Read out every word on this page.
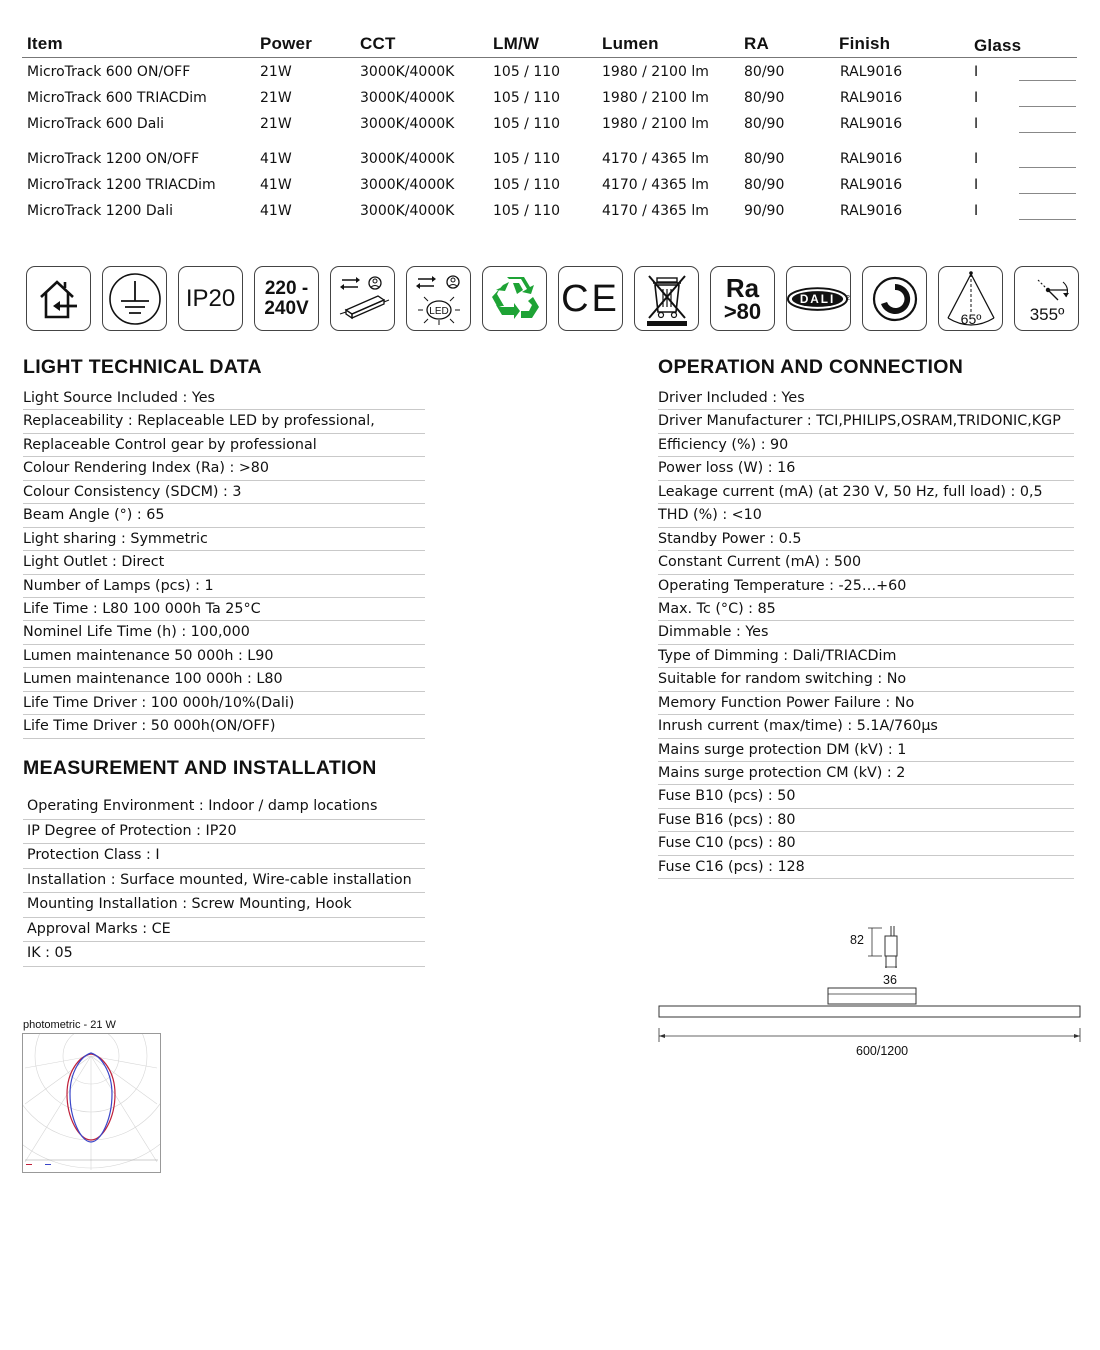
Item	Power	CCT	LM/W	Lumen	RA	Finish	Glass
MicroTrack 600 ON/OFF	21W	3000K/4000K	105 / 110	1980 / 2100 lm	80/90	RAL9016	I
MicroTrack 600 TRIACDim	21W	3000K/4000K	105 / 110	1980 / 2100 lm	80/90	RAL9016	I
MicroTrack 600 Dali	21W	3000K/4000K	105 / 110	1980 / 2100 lm	80/90	RAL9016	I
MicroTrack 1200 ON/OFF	41W	3000K/4000K	105 / 110	4170 / 4365 lm	80/90	RAL9016	I
MicroTrack 1200 TRIACDim	41W	3000K/4000K	105 / 110	4170 / 4365 lm	80/90	RAL9016	I
MicroTrack 1200 Dali	41W	3000K/4000K	105 / 110	4170 / 4365 lm	90/90	RAL9016	I
IP20 220 -
240V	LED	CE	Ra
>80
DALI 2
65º	355º
LIGHT TECHNICAL DATA
Light Source Included : Yes
Replaceability : Replaceable LED by professional,
Replaceable Control gear by professional
Colour Rendering Index (Ra) : >80
Colour Consistency (SDCM) : 3
Beam Angle (°) : 65
Light sharing : Symmetric
Light Outlet : Direct
Number of Lamps (pcs) : 1
Life Time : L80 100 000h Ta 25°C
Nominel Life Time (h) : 100,000
Lumen maintenance 50 000h : L90
Lumen maintenance 100 000h : L80
Life Time Driver : 100 000h/10%(Dali)
Life Time Driver : 50 000h(ON/OFF)
MEASUREMENT AND INSTALLATION
Operating Environment : Indoor / damp locations
IP Degree of Protection : IP20
Protection Class : I
Installation : Surface mounted, Wire-cable installation
Mounting Installation : Screw Mounting, Hook
Approval Marks : CE
IK : 05
OPERATION AND CONNECTION
Driver Included : Yes
Driver Manufacturer : TCI,PHILIPS,OSRAM,TRIDONIC,KGP
Efficiency (%) : 90
Power loss (W) : 16
Leakage current (mA) (at 230 V, 50 Hz, full load) : 0,5
THD (%) : <10
Standby Power : 0.5
Constant Current (mA) : 500
Operating Temperature : -25…+60
Max. Tc (°C) : 85
Dimmable : Yes
Type of Dimming : Dali/TRIACDim
Suitable for random switching : No
Memory Function Power Failure : No
Inrush current (max/time) : 5.1A/760μs
Mains surge protection DM (kV) : 1
Mains surge protection CM (kV) : 2
Fuse B10 (pcs) : 50
Fuse B16 (pcs) : 80
Fuse C10 (pcs) : 80
Fuse C16 (pcs) : 128
photometric - 21 W
82
36
600/1200
